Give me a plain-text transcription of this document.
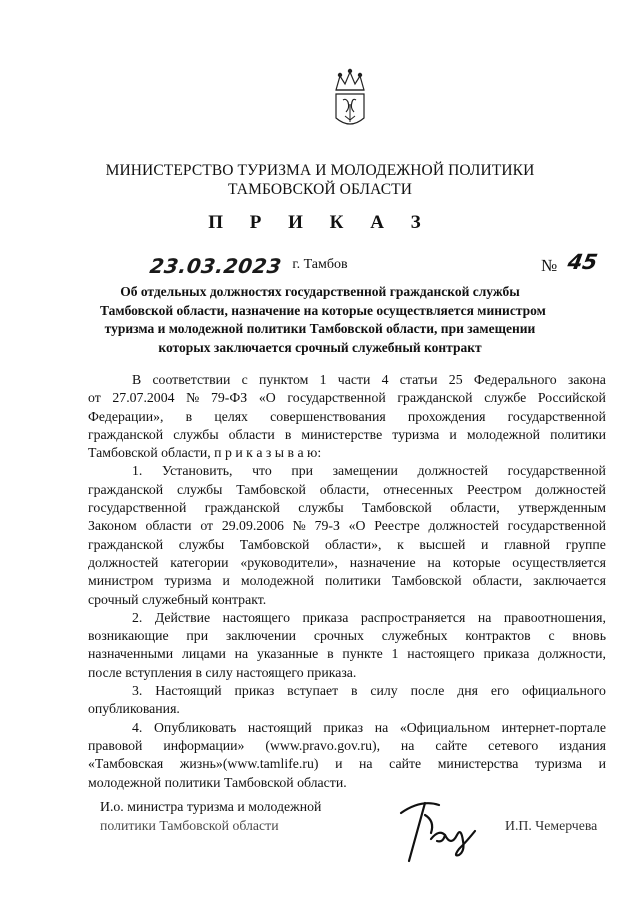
МИНИСТЕРСТВО ТУРИЗМА И МОЛОДЕЖНОЙ ПОЛИТИКИ
ТАМБОВСКОЙ ОБЛАСТИ
П Р И К А З
23.03.2023 г. Тамбов	№ 45
Об отдельных должностях государственной гражданской службы
Тамбовской области, назначение на которые осуществляется министром
туризма и молодежной политики Тамбовской области, при замещении
которых заключается срочный служебный контракт
В соответствии с пунктом 1 части 4 статьи 25 Федерального закона
от 27.07.2004 № 79-ФЗ «О государственной гражданской службе Российской
Федерации», в целях совершенствования прохождения государственной
гражданской службы области в министерстве туризма и молодежной политики
Тамбовской области, п р и к а з ы в а ю:
1. Установить, что при замещении должностей государственной
гражданской службы Тамбовской области, отнесенных Реестром должностей
государственной гражданской службы Тамбовской области, утвержденным
Законом области от 29.09.2006 № 79-З «О Реестре должностей государственной
гражданской службы Тамбовской области», к высшей и главной группе
должностей категории «руководители», назначение на которые осуществляется
министром туризма и молодежной политики Тамбовской области, заключается
срочный служебный контракт.
2. Действие настоящего приказа распространяется на правоотношения,
возникающие при заключении срочных служебных контрактов с вновь
назначенными лицами на указанные в пункте 1 настоящего приказа должности,
после вступления в силу настоящего приказа.
3. Настоящий приказ вступает в силу после дня его официального
опубликования.
4. Опубликовать настоящий приказ на «Официальном интернет-портале
правовой информации» (www.pravo.gov.ru), на сайте сетевого издания
«Тамбовская жизнь»(www.tamlife.ru) и на сайте министерства туризма и
молодежной политики Тамбовской области.
И.о. министра туризма и молодежной
политики Тамбовской области	И.П. Чемерчева
